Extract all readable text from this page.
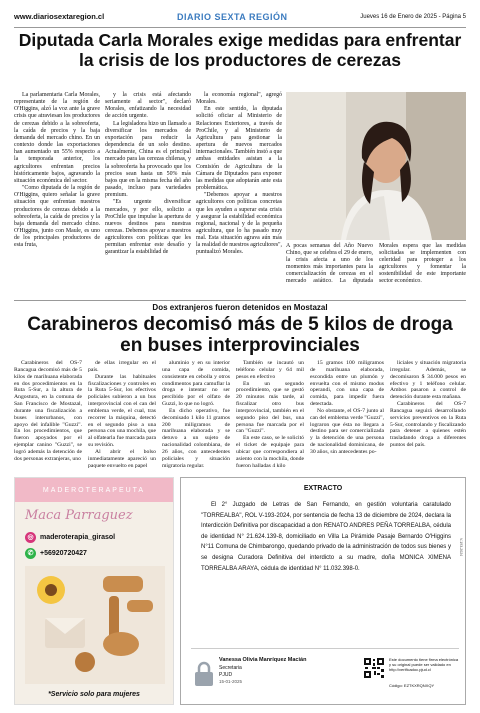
www.diariosextaregion.cl	DIARIO SEXTA REGIÓN	Jueves 16 de Enero de 2025 - Página 5
Diputada Carla Morales exige medidas para enfrentar la crisis de los productores de cerezas

La parlamentaria Carla Morales, representante de la región de O'Higgins, alzó la voz ante la grave crisis que atraviesan los productores de cerezas debido a la sobreoferta, la caída de precios y la baja demanda del mercado chino. En un contexto donde las exportaciones han aumentado un 55% respecto a la temporada anterior, los agricultores enfrentan precios históricamente bajos, agravando la situación económica del sector.

"Como diputada de la región de O'Higgins, quiero señalar la grave situación que enfrentan nuestros productores de cerezas debido a la sobreoferta, la caída de precios y la baja demanda del mercado chino. O'Higgins, junto con Maule, es uno de los principales productores de esta fruta,

y la crisis está afectando seriamente al sector", declaró Morales, enfatizando la necesidad de acción urgente.

La legisladora hizo un llamado a diversificar los mercados de exportación para reducir la dependencia de un solo destino. Actualmente, China es el principal mercado para las cerezas chilenas, y la sobreoferta ha provocado que los precios sean hasta un 50% más bajos que en la misma fecha del año pasado, incluso para variedades premium.

"Es urgente diversificar mercados, y por ello, solicito a ProChile que impulse la apertura de nuevos destinos para nuestras cerezas. Debemos apoyar a nuestros agricultores con políticas que les permitan enfrentar este desafío y garantizar la estabilidad de

la economía regional", agregó Morales.

En este sentido, la diputada solicitó oficiar al Ministerio de Relaciones Exteriores, a través de ProChile, y al Ministerio de Agricultura para gestionar la apertura de nuevos mercados internacionales. También instó a que ambas entidades asistan a la Comisión de Agricultura de la Cámara de Diputados para exponer las medidas que adoptarán ante esta problemática.

"Debemos apoyar a nuestros agricultores con políticas concretas que les ayuden a superar esta crisis y asegurar la estabilidad económica regional, nacional y de la pequeña agricultura, que lo ha pasado muy mal. Esta situación agrava aún más la realidad de nuestros agricultores", puntualizó Morales.

A pocas semanas del Año Nuevo Chino, que se celebra el 29 de enero, la crisis afecta a uno de los momentos más importantes para la comercialización de cerezas en el mercado asiático. La diputada Morales espera que las medidas solicitadas se implementen con celeridad para proteger a los agricultores y fomentar la sostenibilidad de este importante sector económico.
Dos extranjeros fueron detenidos en Mostazal
Carabineros decomisó más de 5 kilos de droga en buses interprovinciales

Carabineros del OS-7 Rancagua decomisó más de 5 kilos de marihuana elaborada en dos procedimientos en la Ruta 5-Sur, a la altura de Angostura, en la comuna de San Francisco de Mostazal, durante una fiscalización a buses interurbanos, con apoyo del infalible "Guzzi". En los procedimientos, que fueron apoyados por el ejemplar canino "Guzzi", se logró además la detención de dos personas extranjeras, uno

de ellas irregular en el país.

Durante las habituales fiscalizaciones y controles en la Ruta 5-Sur, los efectivos policiales subieron a un bus interprovincial con el can del emblema verde, el cual, tras recorrer la máquina, detectó en el segundo piso a una persona con una mochila, que al olfatearla fue marcada para su revisión.

Al abrir el bolso inmediatamente apareció un paquete envuelto en papel

aluminio y en su interior una capa de comida, consistente en cebolla y otros condimentos para camuflar la droga e intentar no ser percibido por el olfato de Guzzi, lo que no logró.

En dicho operativo, fue decomisado 1 kilo 11 gramos 200 miligramos de marihuana elaborada y se detuvo a un sujeto de nacionalidad colombiana, de 26 años, con antecedentes policiales y situación migratoria regular.

También se incautó un teléfono celular y 64 mil pesos en efectivo

En un segundo procedimiento, que se gestó 20 minutos más tarde, al fiscalizar otro bus interprovincial, también en el segundo piso del bus, una persona fue marcada por el can "Guzzi".

En este caso, se le solicitó el ticket de equipaje para ubicar que correspondiera al asiento con la mochila, donde fueron halladas 4 kilo

15 gramos 100 miligramos de marihuana elaborada, escondida entre un plumón y envuelta con el mismo modus operandi, con una capa de comida, para impedir fuera detectada.

No obstante, el OS-7 junto al can del emblema verde "Guzzi", lograron que ésta no llegara a destino para ser comercializada y la detención de una persona de nacionalidad dominicana, de 30 años, sin antecedentes po-

liciales y situación migratoria irregular. Además, se decomisaron $ 34.000 pesos en efectivo y 1 teléfono celular. Ambos pasaron a control de detención durante esta mañana.

Carabineros del OS-7 Rancagua seguirá desarrollando servicios preventivos en la Ruta 5-Sur, controlando y fiscalizando para detener a quienes estén trasladando droga a diferentes puntos del país.

MADEROTERAPEUTA
Maca Parraguez
◎ maderoterapia_girasol
✆ +56920720427
*Servicio solo para mujeres
EXTRACTO

El 2° Juzgado de Letras de San Fernando, en gestión voluntaria caratulado "TORREALBA", ROL V-193-2024, por sentencia de fecha 13 de diciembre de 2024, declara la Interdicción Definitiva por discapacidad a don RENATO ANDRES PEÑA TORREALBA, cédula de identidad N° 21.624.139-8, domiciliado en Villa La Pirámide Pasaje Bernardo O'Higgins N°11 Comuna de Chimbarongo, quedando privado de la administración de todos sus bienes y se designa Curadora Definitiva del interdicto a su madre, doña MONICA XIMENA TORREALBA ARAYA, cédula de identidad N° 11.032.398-0.

V-193-2024
Vanessa Olivia Manríquez Macián
Secretaria
PJUD
15-01-2025
Este documento tiene firma electrónica y su original puede ser validado en http://verificadoc.pjud.cl
Código: EZTKXRQNXQY
